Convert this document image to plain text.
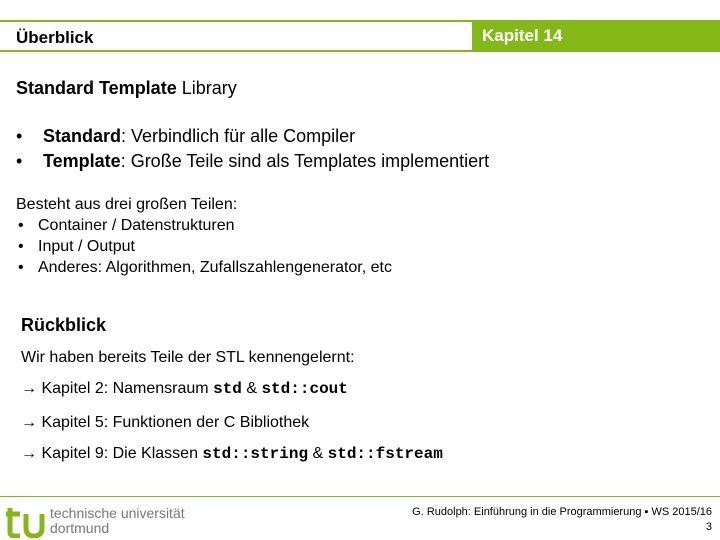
Überblick	Kapitel 14
Standard Template Library
• Standard: Verbindlich für alle Compiler
• Template: Große Teile sind als Templates implementiert
Besteht aus drei großen Teilen:
• Container / Datenstrukturen
• Input / Output
• Anderes: Algorithmen, Zufallszahlengenerator, etc
Rückblick
Wir haben bereits Teile der STL kennengelernt:
→ Kapitel 2: Namensraum std & std::cout
→ Kapitel 5: Funktionen der C Bibliothek
→ Kapitel 9: Die Klassen std::string & std::fstream
technische universität
dortmund
G. Rudolph: Einführung in die Programmierung ▪ WS 2015/16
3
